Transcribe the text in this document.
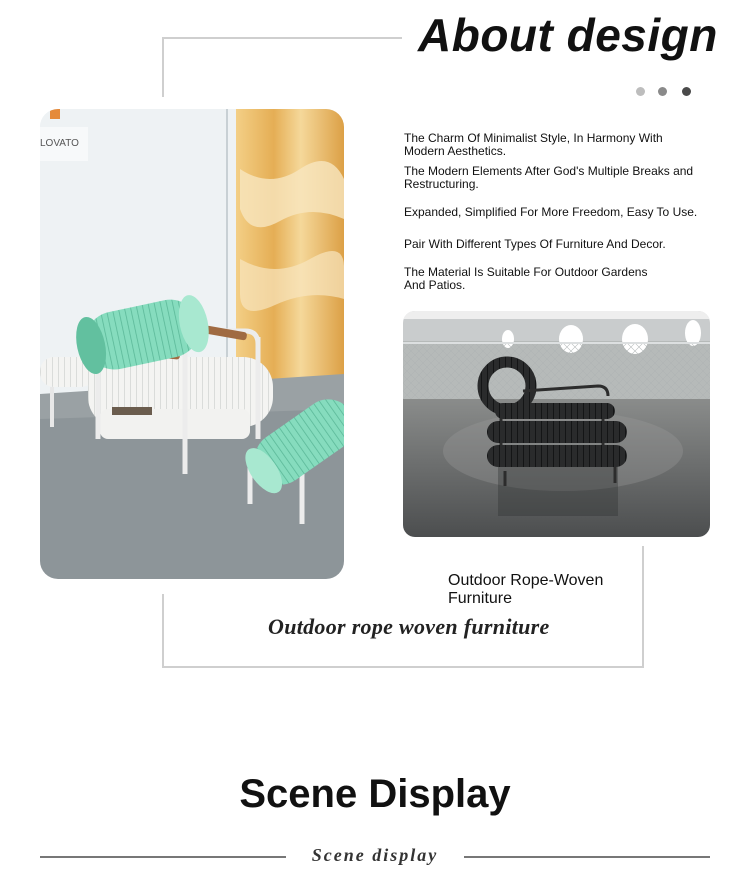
About design
The Charm Of Minimalist Style, In Harmony With Modern Aesthetics.
The Modern Elements After God's Multiple Breaks and Restructuring.
Expanded, Simplified For More Freedom, Easy To Use.
Pair With Different Types Of Furniture And Decor.
The Material Is Suitable For Outdoor Gardens And Patios.
LOVATO
Outdoor Rope-Woven Furniture
Outdoor rope woven furniture
Scene Display
Scene display
